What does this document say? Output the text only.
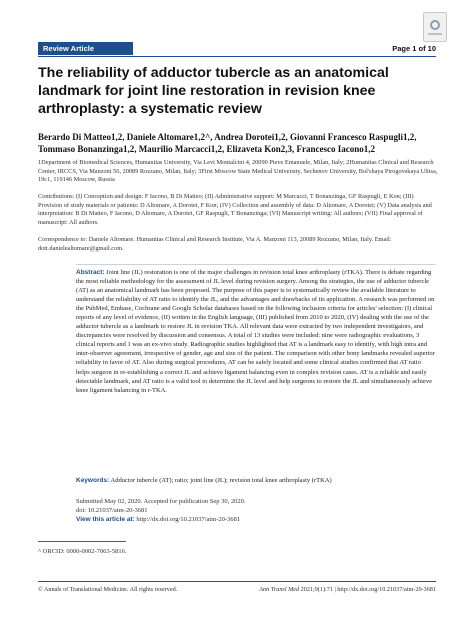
Review Article	Page 1 of 10
The reliability of adductor tubercle as an anatomical landmark for joint line restoration in revision knee arthroplasty: a systematic review

Berardo Di Matteo1,2, Daniele Altomare1,2^, Andrea Dorotei1,2, Giovanni Francesco Raspugli1,2, Tommaso Bonanzinga1,2, Maurilio Marcacci1,2, Elizaveta Kon2,3, Francesco Iacono1,2

1Department of Biomedical Sciences, Humanitas University, Via Levi Montalcini 4, 20090 Pieve Emanuele, Milan, Italy; 2Humanitas Clinical and Research Center, IRCCS, Via Manzoni 56, 20089 Rozzano, Milan, Italy; 3First Moscow State Medical University, Sechenov University, Bol'shaya Pirogovskaya Ulitsa, 19c1, 119146 Moscow, Russia

Contributions: (I) Conception and design: F Iacono, B Di Matteo; (II) Administrative support: M Marcacci, T Bonanzinga, GF Raspugli, E Kon; (III) Provision of study materials or patients: D Altomare, A Dorotei, F Kon; (IV) Collection and assembly of data: D Altomare, A Dorotei; (V) Data analysis and interpretation: B Di Matteo, F Iacono, D Altomare, A Dorotei, GF Raspugli, T Bonanzinga; (VI) Manuscript writing: All authors; (VII) Final approval of manuscript: All authors.

Correspondence to: Daniele Altomare. Humanitas Clinical and Research Institute, Via A. Manzoni 113, 20089 Rozzano, Milan, Italy. Email: dott.danielealtomare@gmail.com.

Abstract: Joint line (JL) restoration is one of the major challenges in revision total knee arthroplasty (rTKA). There is debate regarding the most reliable methodology for the assessment of JL level during revision surgery. Among the strategies, the use of adductor tubercle (AT) as an anatomical landmark has been proposed. The purpose of this paper is to systematically review the available literature to understand the reliability of AT ratio to identify the JL, and the advantages and drawbacks of its application. A research was performed on the PubMed, Embase, Cochrane and Google Scholar databases based on the following inclusion criteria for articles' selection: (I) clinical reports of any level of evidence, (II) written in the English language, (III) published from 2010 to 2020, (IV) dealing with the use of the adductor tubercle as a landmark to restore JL in revision TKA. All relevant data were extracted by two independent investigators, and discrepancies were resolved by discussion and consensus. A total of 13 studies were included: nine were radiographic evaluations, 3 clinical reports and 1 was an ex-vivo study. Radiographic studies highlighted that AT is a landmark easy to identify, with high intra and inter-observer agreement, irrespective of gender, age and size of the patient. The comparison with other bony landmarks revealed superior reliability in favor of AT. Also during surgical procedures, AT can be safely located and some clinical studies confirmed that AT ratio helps surgeon in re-establishing a correct JL and achieve ligament balancing even in complex revision cases. AT is a reliable and easily detectable landmark, and AT ratio is a valid tool to determine the JL level and help surgeons to restore the JL and simultaneously achieve knee ligament balancing in r-TKA.

Keywords: Adductor tubercle (AT); ratio; joint line (JL); revision total knee arthroplasty (rTKA)

Submitted May 02, 2020. Accepted for publication Sep 30, 2020.
doi: 10.21037/atm-20-3681
View this article at: http://dx.doi.org/10.21037/atm-20-3681
^ ORCID: 0000-0002-7063-5816.
© Annals of Translational Medicine. All rights reserved.	Ann Transl Med 2021;9(1):71 | http://dx.doi.org/10.21037/atm-20-3681
